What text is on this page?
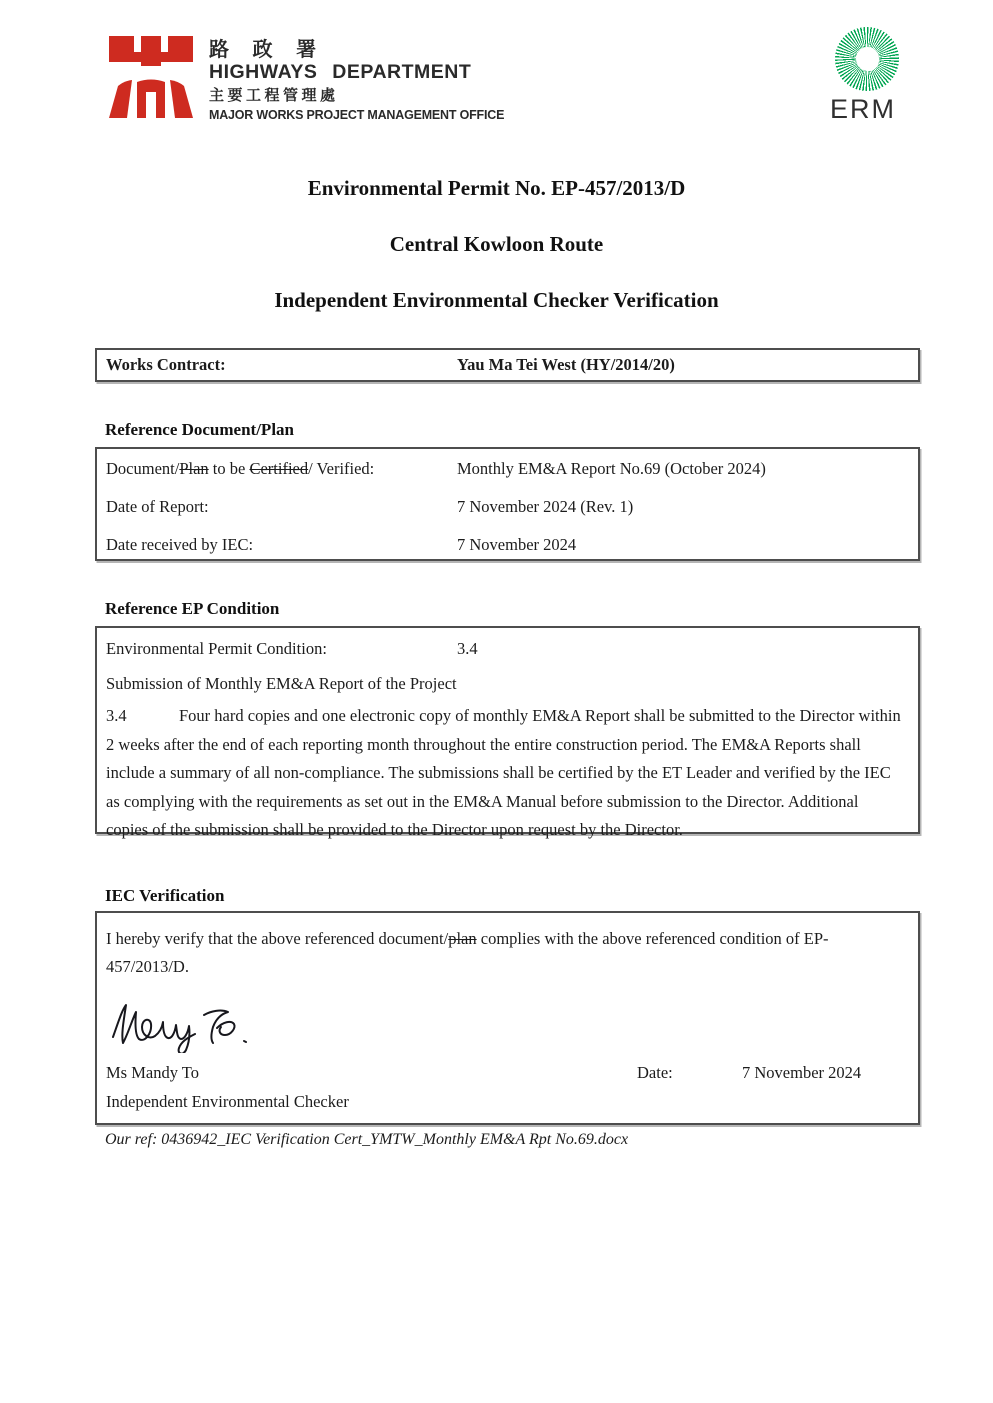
路 政 署
HIGHWAYS DEPARTMENT
主要工程管理處
MAJOR WORKS PROJECT MANAGEMENT OFFICE	ERM
Environmental Permit No. EP-457/2013/D
Central Kowloon Route
Independent Environmental Checker Verification
Works Contract:	Yau Ma Tei West (HY/2014/20)
Reference Document/Plan
Document/Plan to be Certified/ Verified:	Monthly EM&A Report No.69 (October 2024)
Date of Report:	7 November 2024 (Rev. 1)
Date received by IEC:	7 November 2024
Reference EP Condition
Environmental Permit Condition:	3.4
Submission of Monthly EM&A Report of the Project

3.4	Four hard copies and one electronic copy of monthly EM&A Report shall be submitted to the Director within 2 weeks after the end of each reporting month throughout the entire construction period. The EM&A Reports shall include a summary of all non-compliance. The submissions shall be certified by the ET Leader and verified by the IEC as complying with the requirements as set out in the EM&A Manual before submission to the Director. Additional copies of the submission shall be provided to the Director upon request by the Director.

IEC Verification

I hereby verify that the above referenced document/plan complies with the above referenced condition of EP-457/2013/D.

Ms Mandy To	Date:	7 November 2024
Independent Environmental Checker
Our ref: 0436942_IEC Verification Cert_YMTW_Monthly EM&A Rpt No.69.docx
